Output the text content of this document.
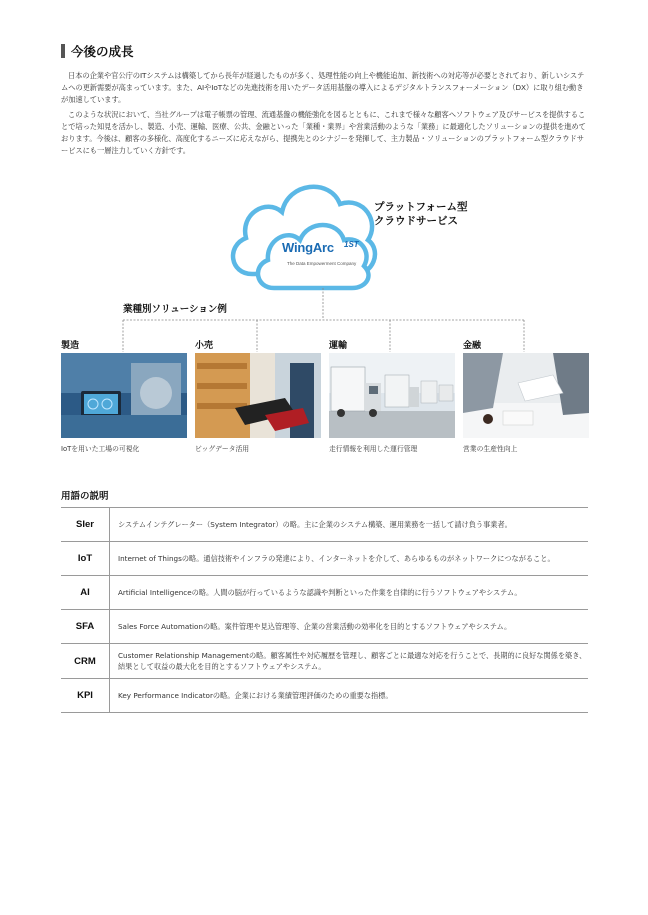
今後の成長

日本の企業や官公庁のITシステムは構築してから長年が経過したものが多く、処理性能の向上や機能追加、新技術への対応等が必要とされており、新しいシステムへの更新需要が高まっています。また、AIやIoTなどの先進技術を用いたデータ活用基盤の導入によるデジタルトランスフォーメーション（DX）に取り組む動きが加速しています。

このような状況において、当社グループは電子帳票の管理、流通基盤の機能強化を図るとともに、これまで様々な顧客へソフトウェア及びサービスを提供することで培った知見を活かし、製造、小売、運輸、医療、公共、金融といった「業種・業界」や営業活動のような「業務」に最適化したソリューションの提供を進めております。今後は、顧客の多様化、高度化するニーズに応えながら、提携先とのシナジーを発揮して、主力製品・ソリューションのプラットフォーム型クラウドサービスにも一層注力していく方針です。

WingArc 1ST
The Data Empowerment Company
プラットフォーム型
クラウドサービス
業種別ソリューション例
製造
IoTを用いた工場の可視化
小売
ビッグデータ活用
運輸
走行情報を利用した運行管理
金融
営業の生産性向上
用語の説明
SIer	システムインテグレーター（System Integrator）の略。主に企業のシステム構築、運用業務を一括して請け負う事業者。
IoT	Internet of Thingsの略。通信技術やインフラの発達により、インターネットを介して、あらゆるものがネットワークにつながること。
AI	Artificial Intelligenceの略。人間の脳が行っているような認識や判断といった作業を自律的に行うソフトウェアやシステム。
SFA	Sales Force Automationの略。案件管理や見込管理等、企業の営業活動の効率化を目的とするソフトウェアやシステム。
CRM	Customer Relationship Managementの略。顧客属性や対応履歴を管理し、顧客ごとに最適な対応を行うことで、長期的に良好な関係を築き、結果として収益の最大化を目的とするソフトウェアやシステム。
KPI	Key Performance Indicatorの略。企業における業績管理評価のための重要な指標。
